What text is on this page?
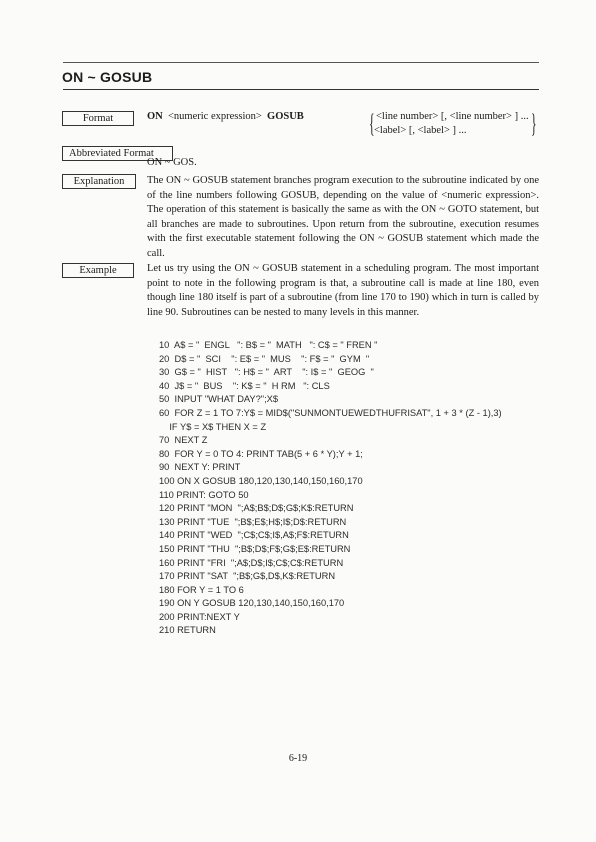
ON ~ GOSUB
Format	ON <numeric expression> GOSUB	{ <line number> [, <line number> ] ...
<label> [, <label> ] ... }
Abbreviated Format
ON ~ GOS.
Explanation	The ON ~ GOSUB statement branches program execution to the subroutine indicated by one of the line numbers following GOSUB, depending on the value of <numeric expression>. The operation of this statement is basically the same as with the ON ~ GOTO statement, but all branches are made to subroutines. Upon return from the subroutine, execution resumes with the first executable statement following the ON ~ GOSUB statement which made the call.
Example	Let us try using the ON ~ GOSUB statement in a scheduling program. The most important point to note in the following program is that, a subroutine call is made at line 180, even though line 180 itself is part of a subroutine (from line 170 to 190) which in turn is called by line 90. Subroutines can be nested to many levels in this manner.
10  A$ = "  ENGL   ": B$ = "  MATH   ": C$ = " FREN "
20  D$ = "  SCI    ": E$ = "  MUS    ": F$ = "  GYM  "
30  G$ = "  HIST   ": H$ = "  ART    ": I$ = "  GEOG  "
40  J$ = "  BUS    ": K$ = "  H RM   ": CLS
50  INPUT "WHAT DAY?";X$
60  FOR Z = 1 TO 7:Y$ = MID$("SUNMONTUEWEDTHUFRISAT", 1 + 3 * (Z - 1),3)
IF Y$ = X$ THEN X = Z
70  NEXT Z
80  FOR Y = 0 TO 4: PRINT TAB(5 + 6 * Y);Y + 1;
90  NEXT Y: PRINT
100 ON X GOSUB 180,120,130,140,150,160,170
110 PRINT: GOTO 50
120 PRINT "MON  ";A$;B$;D$;G$;K$:RETURN
130 PRINT "TUE  ";B$;E$;H$;I$;D$:RETURN
140 PRINT "WED  ";C$;C$;I$,A$;F$:RETURN
150 PRINT "THU  ";B$;D$;F$;G$;E$:RETURN
160 PRINT "FRI  ";A$;D$;I$;C$;C$:RETURN
170 PRINT "SAT  ";B$;G$,D$,K$:RETURN
180 FOR Y = 1 TO 6
190 ON Y GOSUB 120,130,140,150,160,170
200 PRINT:NEXT Y
210 RETURN
6-19
